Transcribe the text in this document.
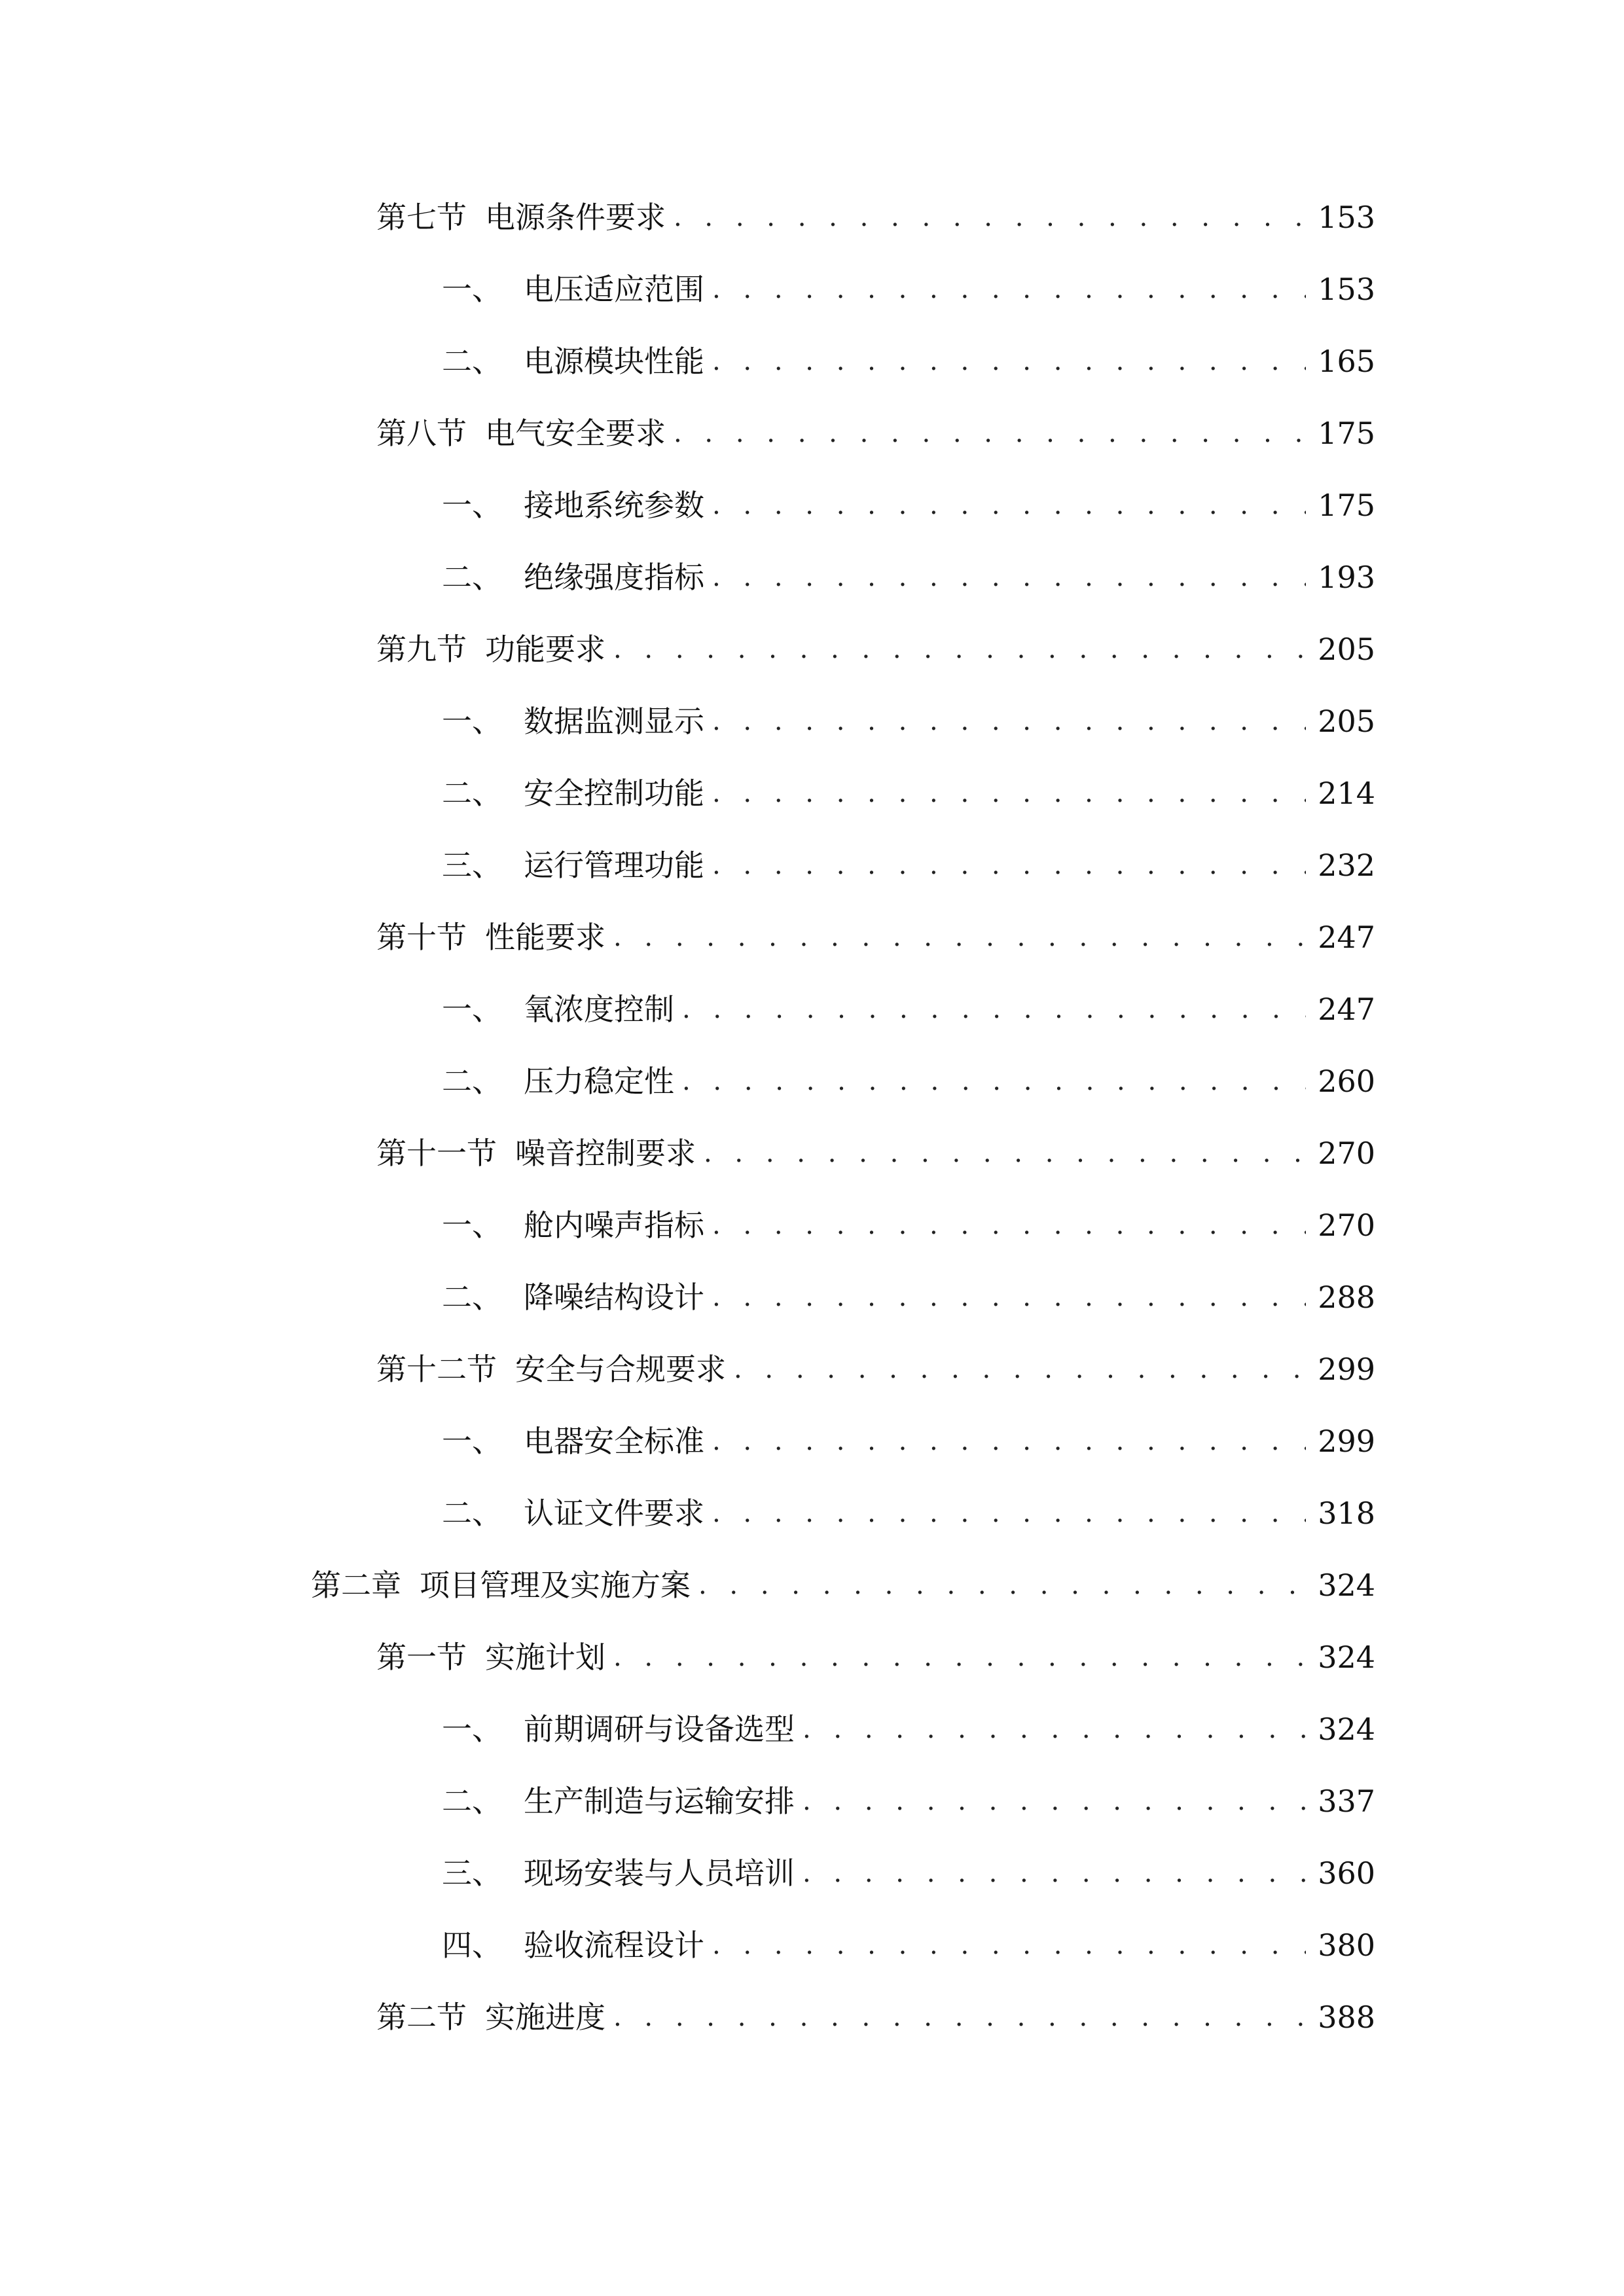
第七节 电源条件要求 . . .	153
一、 电压适应范围 . . .	153
二、 电源模块性能 . . .	165
第八节 电气安全要求 . . .	175
一、 接地系统参数 . . .	175
二、 绝缘强度指标 . . .	193
第九节 功能要求 . . .	205
一、 数据监测显示 . . .	205
二、 安全控制功能 . . .	214
三、 运行管理功能 . . .	232
第十节 性能要求 . . .	247
一、 氧浓度控制 . . .	247
二、 压力稳定性 . . .	260
第十一节 噪音控制要求 . . .	270
一、 舱内噪声指标 . . .	270
二、 降噪结构设计 . . .	288
第十二节 安全与合规要求 . . .	299
一、 电器安全标准 . . .	299
二、 认证文件要求 . . .	318
第二章 项目管理及实施方案 . . .	324
第一节 实施计划 . . .	324
一、 前期调研与设备选型 . . .	324
二、 生产制造与运输安排 . . .	337
三、 现场安装与人员培训 . . .	360
四、 验收流程设计 . . .	380
第二节 实施进度 . . .	388
